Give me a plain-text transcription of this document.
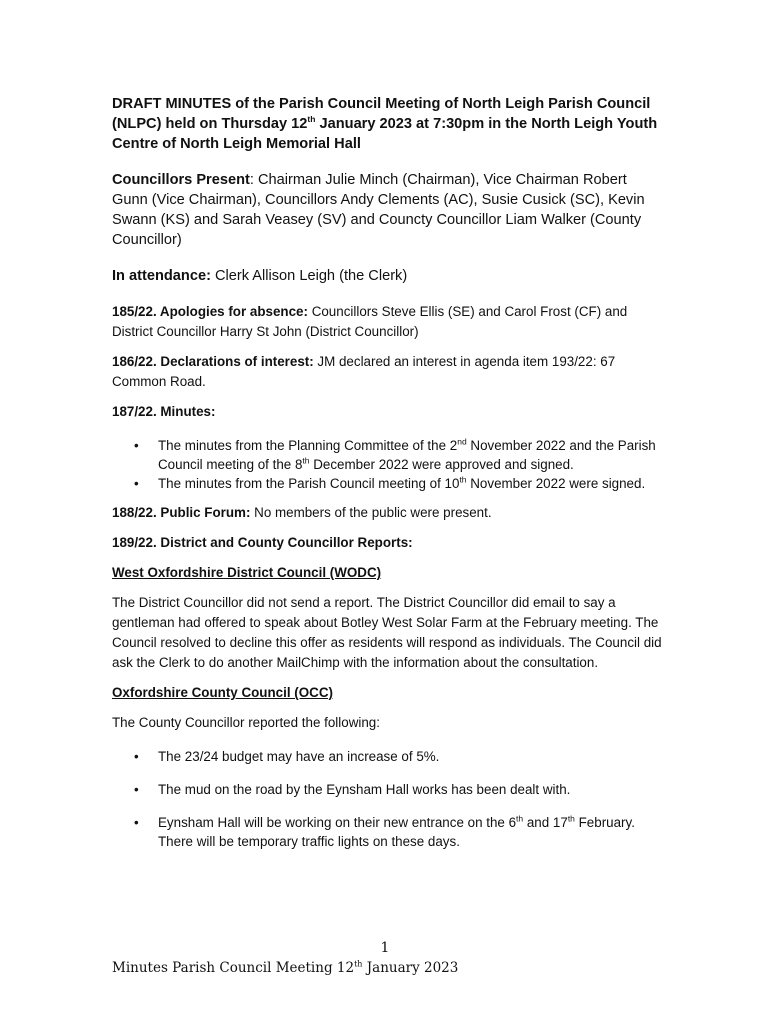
DRAFT MINUTES of the Parish Council Meeting of North Leigh Parish Council (NLPC) held on Thursday 12th January 2023 at 7:30pm in the North Leigh Youth Centre of North Leigh Memorial Hall

Councillors Present: Chairman Julie Minch (Chairman), Vice Chairman Robert Gunn (Vice Chairman), Councillors Andy Clements (AC), Susie Cusick (SC), Kevin Swann (KS) and Sarah Veasey (SV) and Councty Councillor Liam Walker (County Councillor)

In attendance: Clerk Allison Leigh (the Clerk)

185/22. Apologies for absence: Councillors Steve Ellis (SE) and Carol Frost (CF) and District Councillor Harry St John (District Councillor)

186/22. Declarations of interest: JM declared an interest in agenda item 193/22: 67 Common Road.

187/22. Minutes:

• The minutes from the Planning Committee of the 2nd November 2022 and the Parish Council meeting of the 8th December 2022 were approved and signed.
• The minutes from the Parish Council meeting of 10th November 2022 were signed.

188/22. Public Forum: No members of the public were present.

189/22. District and County Councillor Reports:

West Oxfordshire District Council (WODC)

The District Councillor did not send a report. The District Councillor did email to say a gentleman had offered to speak about Botley West Solar Farm at the February meeting. The Council resolved to decline this offer as residents will respond as individuals. The Council did ask the Clerk to do another MailChimp with the information about the consultation.

Oxfordshire County Council (OCC)

The County Councillor reported the following:

• The 23/24 budget may have an increase of 5%.
• The mud on the road by the Eynsham Hall works has been dealt with.
• Eynsham Hall will be working on their new entrance on the 6th and 17th February. There will be temporary traffic lights on these days.
1
Minutes Parish Council Meeting 12th January 2023
